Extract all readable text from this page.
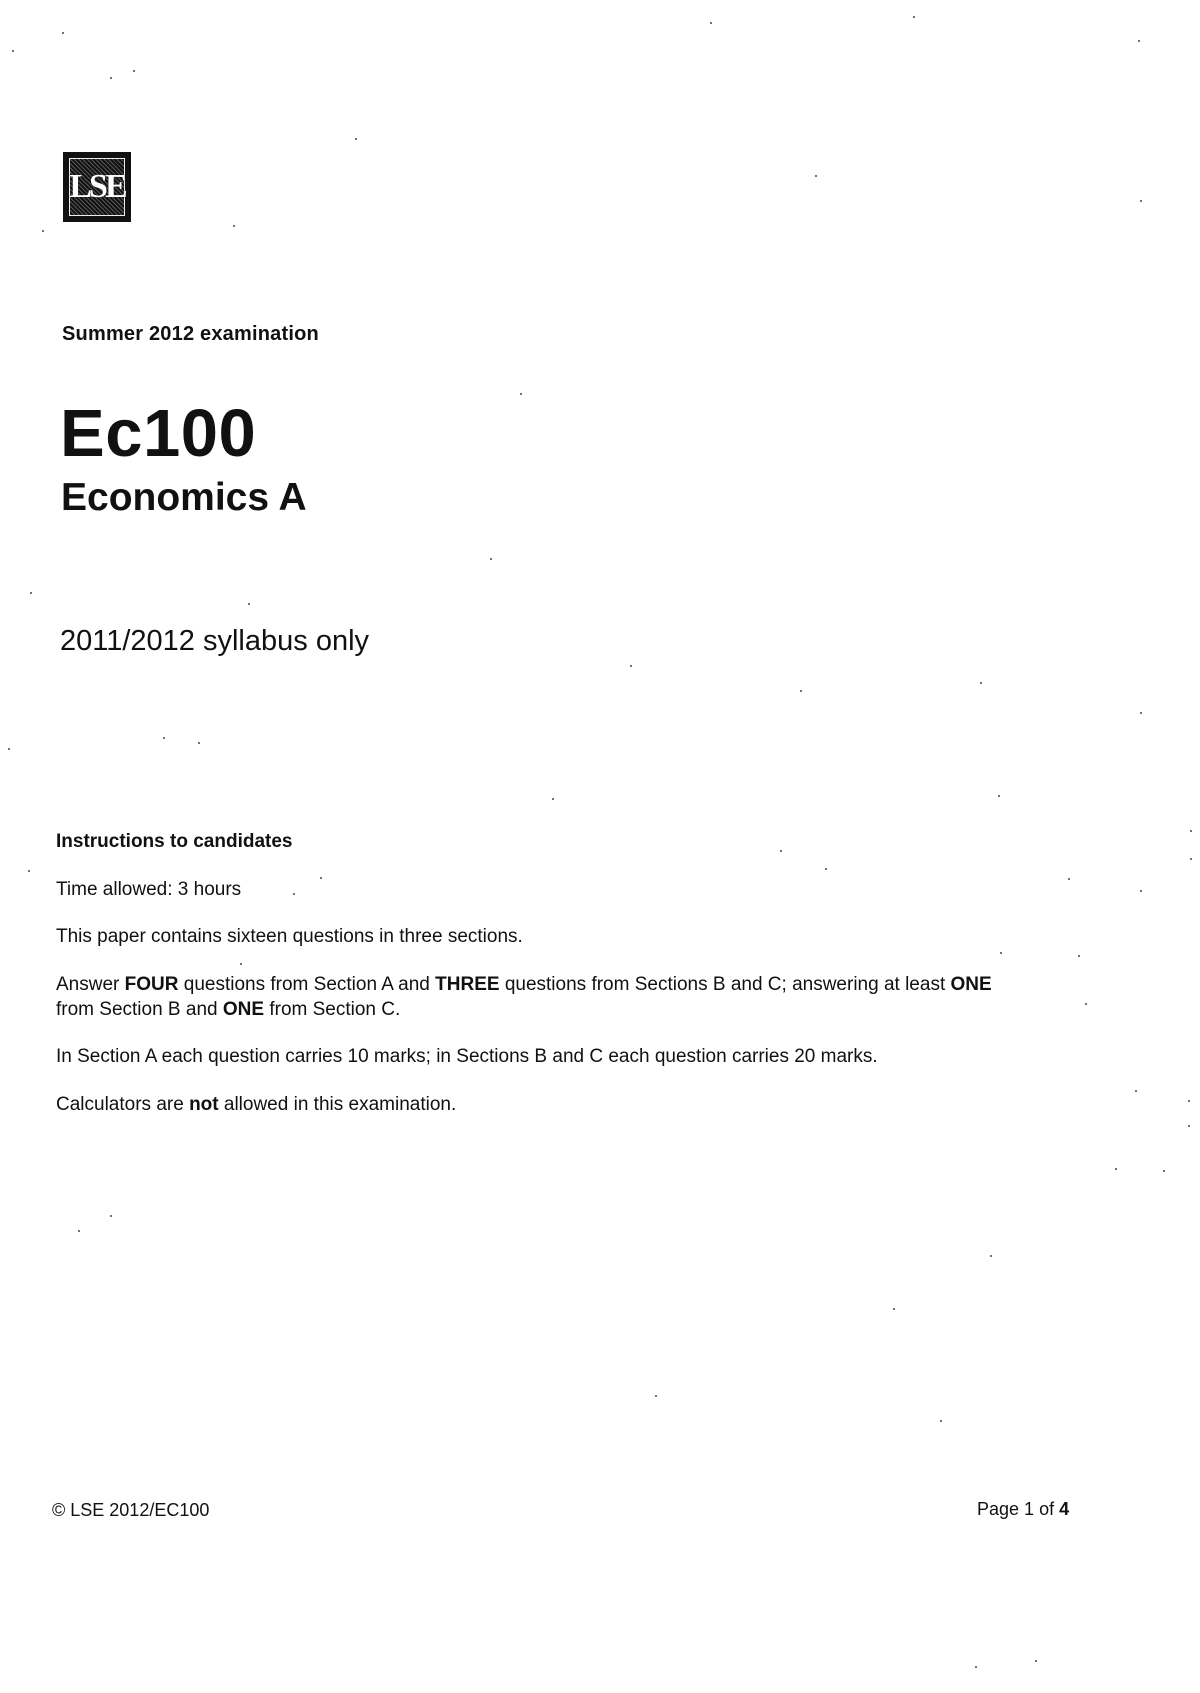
LSE
Summer 2012 examination
Ec100
Economics A
2011/2012 syllabus only

Instructions to candidates

Time allowed: 3 hours

This paper contains sixteen questions in three sections.

Answer FOUR questions from Section A and THREE questions from Sections B and C; answering at least ONE from Section B and ONE from Section C.

In Section A each question carries 10 marks; in Sections B and C each question carries 20 marks.

Calculators are not allowed in this examination.

© LSE 2012/EC100	Page 1 of 4
